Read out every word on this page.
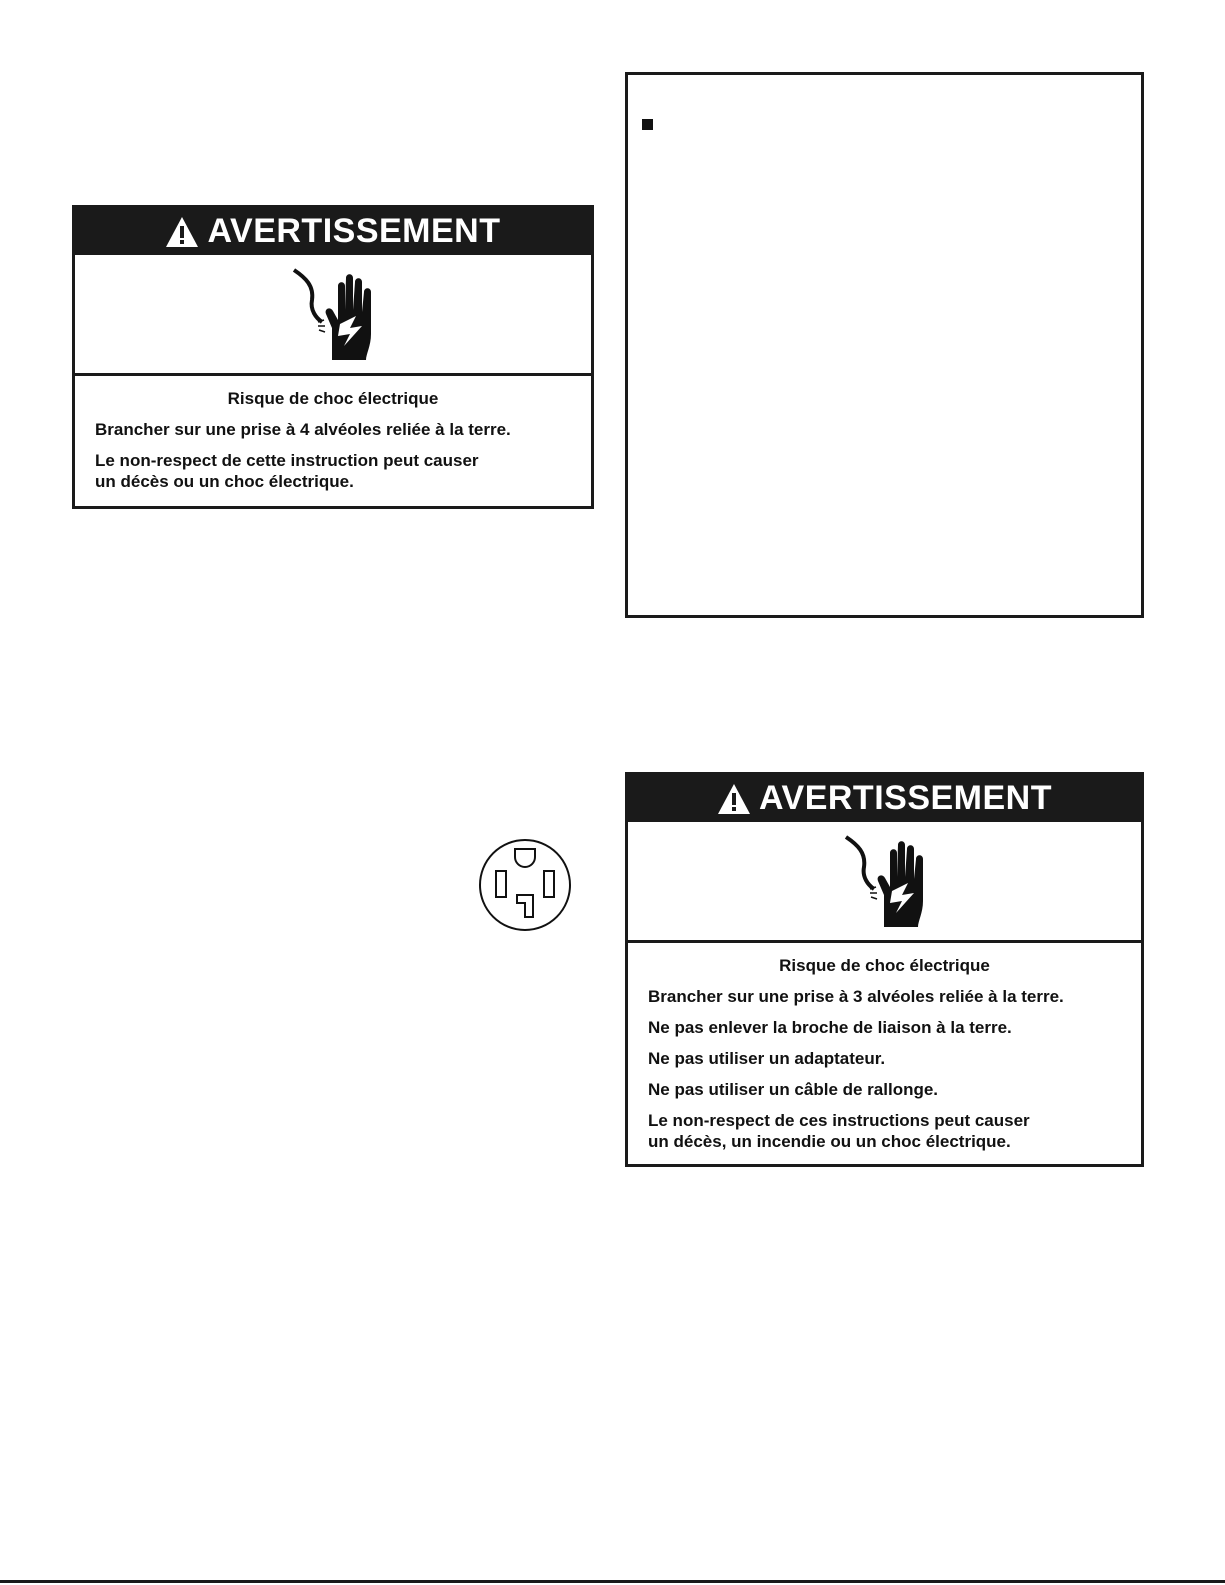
AVERTISSEMENT
Risque de choc électrique

Brancher sur une prise à 4 alvéoles reliée à la terre.

Le non-respect de cette instruction peut causer
un décès ou un choc électrique.

AVERTISSEMENT
Risque de choc électrique

Brancher sur une prise à 3 alvéoles reliée à la terre.

Ne pas enlever la broche de liaison à la terre.

Ne pas utiliser un adaptateur.

Ne pas utiliser un câble de rallonge.

Le non-respect de ces instructions peut causer
un décès, un incendie ou un choc électrique.
